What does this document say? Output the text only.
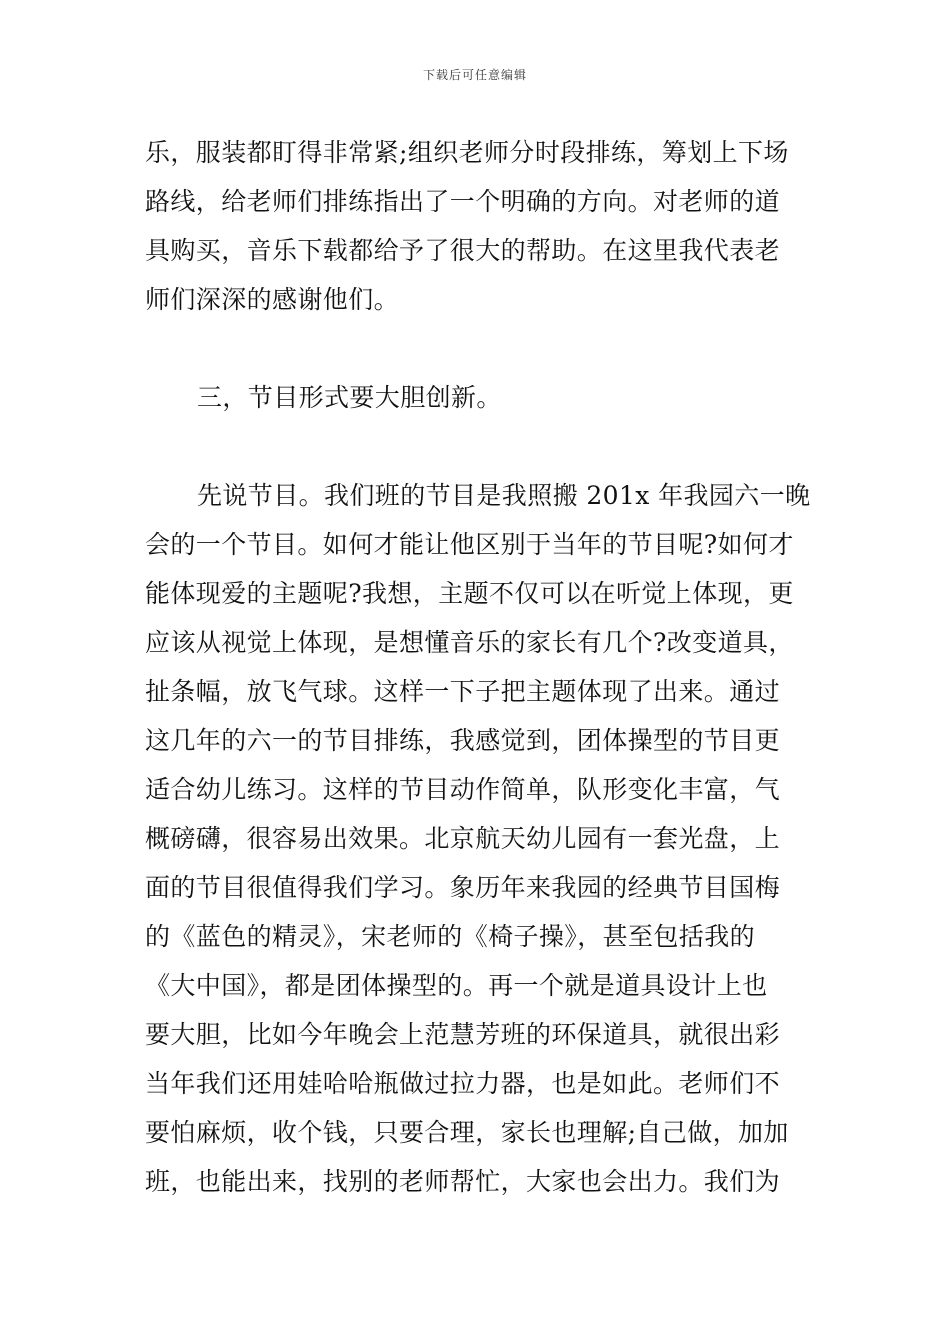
下载后可任意编辑
乐，服装都盯得非常紧;组织老师分时段排练，筹划上下场
路线，给老师们排练指出了一个明确的方向。对老师的道
具购买，音乐下载都给予了很大的帮助。在这里我代表老
师们深深的感谢他们。
三，节目形式要大胆创新。
先说节目。我们班的节目是我照搬 201x 年我园六一晚
会的一个节目。如何才能让他区别于当年的节目呢?如何才
能体现爱的主题呢?我想，主题不仅可以在听觉上体现，更
应该从视觉上体现，是想懂音乐的家长有几个?改变道具，
扯条幅，放飞气球。这样一下子把主题体现了出来。通过
这几年的六一的节目排练，我感觉到，团体操型的节目更
适合幼儿练习。这样的节目动作简单，队形变化丰富，气
概磅礴，很容易出效果。北京航天幼儿园有一套光盘，上
面的节目很值得我们学习。象历年来我园的经典节目国梅
的《蓝色的精灵》，宋老师的《椅子操》，甚至包括我的
《大中国》，都是团体操型的。再一个就是道具设计上也
要大胆，比如今年晚会上范慧芳班的环保道具，就很出彩
当年我们还用娃哈哈瓶做过拉力器，也是如此。老师们不
要怕麻烦，收个钱，只要合理，家长也理解;自己做，加加
班，也能出来，找别的老师帮忙，大家也会出力。我们为
